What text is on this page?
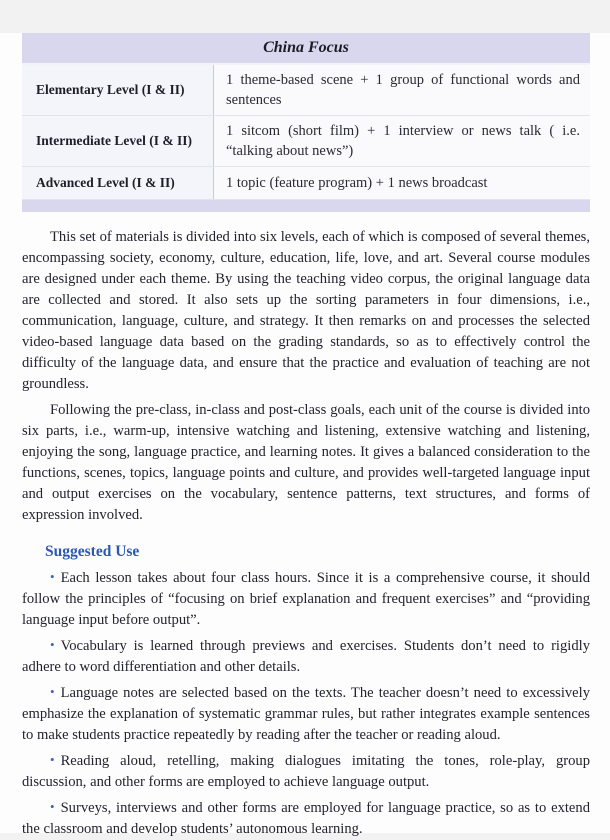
China Focus
Elementary Level (I & II)
1 theme-based scene + 1 group of functional words and sentences
Intermediate Level (I & II)
1 sitcom (short film) + 1 interview or news talk ( i.e. “talking about news”)
Advanced Level (I & II)	1 topic (feature program) + 1 news broadcast

This set of materials is divided into six levels, each of which is composed of several themes, encompassing society, economy, culture, education, life, love, and art. Several course modules are designed under each theme. By using the teaching video corpus, the original language data are collected and stored. It also sets up the sorting parameters in four dimensions, i.e., communication, language, culture, and strategy. It then remarks on and processes the selected video-based language data based on the grading standards, so as to effectively control the difficulty of the language data, and ensure that the practice and evaluation of teaching are not groundless.

Following the pre-class, in-class and post-class goals, each unit of the course is divided into six parts, i.e., warm-up, intensive watching and listening, extensive watching and listening, enjoying the song, language practice, and learning notes. It gives a balanced consideration to the functions, scenes, topics, language points and culture, and provides well-targeted language input and output exercises on the vocabulary, sentence patterns, text structures, and forms of expression involved.

Suggested Use

• Each lesson takes about four class hours. Since it is a comprehensive course, it should follow the principles of “focusing on brief explanation and frequent exercises” and “providing language input before output”.

• Vocabulary is learned through previews and exercises. Students don’t need to rigidly adhere to word differentiation and other details.

• Language notes are selected based on the texts. The teacher doesn’t need to excessively emphasize the explanation of systematic grammar rules, but rather integrates example sentences to make students practice repeatedly by reading after the teacher or reading aloud.

• Reading aloud, retelling, making dialogues imitating the tones, role-play, group discussion, and other forms are employed to achieve language output.

• Surveys, interviews and other forms are employed for language practice, so as to extend the classroom and develop students’ autonomous learning.
